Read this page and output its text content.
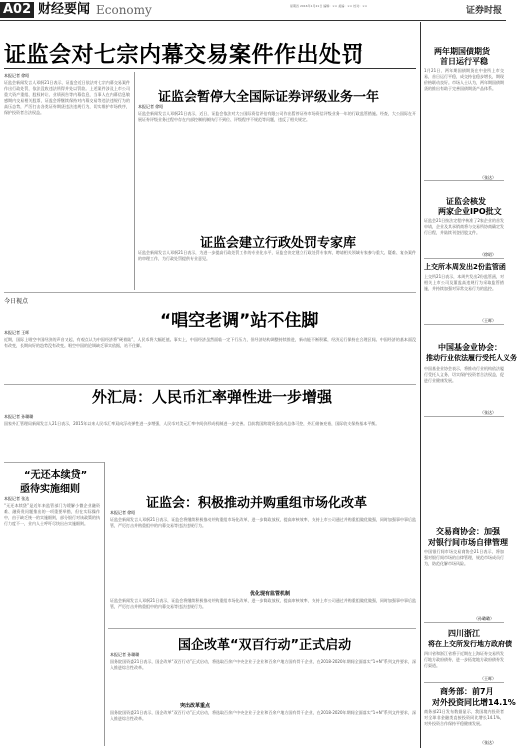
A02 财经要闻 Economy	星期四 2016年1月21日 编辑：×× 美编：×× 校对：××	证券时报
证监会对七宗内幕交易案件作出处罚
本报记者 徐昭
证监会新闻发言人邓舸21日表示，证监会近日依法对七宗内幕交易案件作出行政处罚，依法没收违法所得并处以罚款。上述案件涉及上市公司重大资产重组、股权转让、业绩预告等内幕信息，当事人在内幕信息敏感期内交易相关股票，证监会将继续保持对内幕交易等违法违规行为的高压态势，严厉打击各类证券期货违法违规行为，切实维护市场秩序，保护投资者合法权益。
证监会暂停大全国际证券评级业务一年
本报记者 徐昭
证监会新闻发言人邓舸21日表示，近日，证监会依法对大公国际资信评估有限公司作出暂停证券市场资信评级业务一年的行政监管措施。经查，大公国际在开展证券评级业务过程中存在内部控制机制执行不到位、评级程序不规范等问题，违反了相关规定。
证监会建立行政处罚专家库
证监会新闻发言人邓舸21日表示，为进一步提高行政处罚工作的专业化水平，证监会决定建立行政处罚专家库，聘请相关领域专家参与重大、疑难、复杂案件的审理工作，为行政处罚提供专业意见。
今日视点
“唱空老调”站不住脚
本报记者 王晖
近期，国际上唱空中国经济的声音又起，有观点认为中国经济将“硬着陆”，人民币将大幅贬值。事实上，中国经济虽然面临一定下行压力，但经济结构调整持续推进，新动能不断积累，经济运行保持在合理区间。中国经济的基本面没有改变，长期向好的趋势没有改变。唱空中国的论调缺乏事实依据，站不住脚。
外汇局：人民币汇率弹性进一步增强
本报记者 孙璐璐
国家外汇管理局新闻发言人21日表示，2015年以来人民币汇率双向浮动弹性进一步增强，人民币对美元汇率中间价形成机制进一步完善。目前我国跨境资金流动总体可控，外汇储备充裕，国际收支保持基本平衡。
“无还本续贷”
亟待实施细则
本报记者 张达
“无还本续贷”是近年来监管部门为缓解小微企业融资难、融资贵问题推出的一项重要举措，但在实际操作中，由于缺乏统一的实施细则，部分银行对该政策的执行力度不一，业内人士呼吁尽快出台实施细则。
证监会：积极推动并购重组市场化改革
本报记者 徐昭
证监会新闻发言人邓舸21日表示，证监会将继续积极推动并购重组市场化改革，进一步简政放权，提高审核效率，支持上市公司通过并购重组做优做强，同时加强事中事后监管，严厉打击并购重组中的内幕交易等违法违规行为。
优化现有监管机制
证监会新闻发言人邓舸21日表示，证监会将继续积极推动并购重组市场化改革，进一步简政放权，提高审核效率，支持上市公司通过并购重组做优做强，同时加强事中事后监管，严厉打击并购重组中的内幕交易等违法违规行为。
国企改革“双百行动”正式启动
本报记者 孙璐璐
国务院国资委21日表示，国企改革“双百行动”正式启动，将选取百余户中央企业子企业和百余户地方国有骨干企业，在2018-2020年期间全面落实“1+N”系列文件要求，深入推进综合性改革。
突出改革重点
国务院国资委21日表示，国企改革“双百行动”正式启动，将选取百余户中央企业子企业和百余户地方国有骨干企业，在2018-2020年期间全面落实“1+N”系列文件要求，深入推进综合性改革。
两年期国债期货
首日运行平稳
1月21日，两年期国债期货在中金所上市交易，首日运行平稳，成交持仓稳步增长，期现价格联动良好。市场人士认为，两年期国债期货的推出有助于完善国债期货产品体系。
（张达）
证监会核发
两家企业IPO批文
证监会21日按法定程序核准了2家企业的首发申请，企业及其承销商将与交易所协商确定发行日程，并陆续刊登招股文件。
（徐昭）
上交所本周发出2份监管函
上交所21日表示，本周共发出2份监管函，对相关上市公司及董监高违规行为采取监管措施，并持续加强对异常交易行为的监控。
（王晖）
中国基金业协会：
推动行业依法履行受托人义务
中国基金业协会表示，将推动行业机构依法履行受托人义务，切实保护投资者合法权益，促进行业健康发展。
（张达）
交易商协会：加强
对银行间市场自律管理
中国银行间市场交易商协会21日表示，将加强对银行间市场的自律管理，规范市场成员行为，防范化解市场风险。
（孙璐璐）
四川浙江
将在上交所发行地方政府债
四川省和浙江省将于近期在上海证券交易所发行地方政府债券，进一步拓宽地方政府债券发行渠道。
（王晖）
商务部：前7月
对外投资同比增14.1%
商务部21日发布数据显示，我国境内投资者对全球非金融类直接投资同比增长14.1%，对外投资合作保持平稳健康发展。
（张达）
